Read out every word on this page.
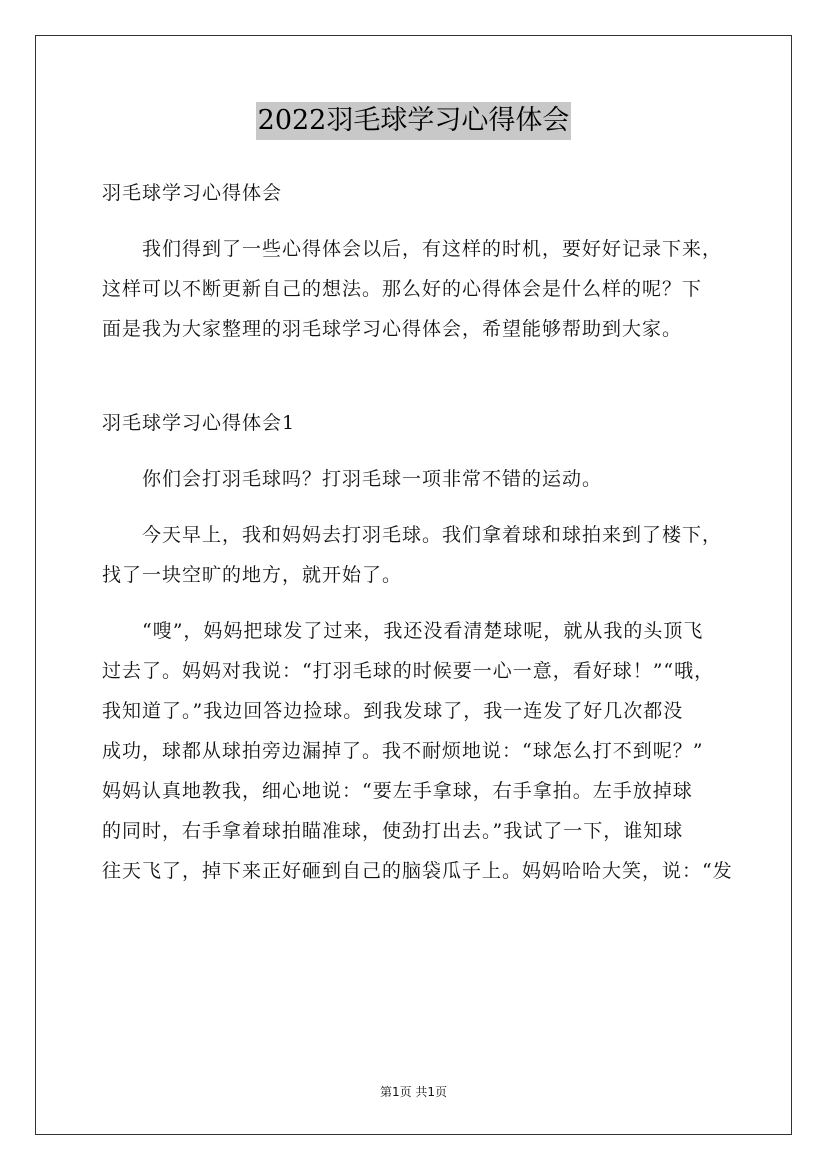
2022羽毛球学习心得体会
羽毛球学习心得体会
　　我们得到了一些心得体会以后，有这样的时机，要好好记录下来，
这样可以不断更新自己的想法。那么好的心得体会是什么样的呢？下
面是我为大家整理的羽毛球学习心得体会，希望能够帮助到大家。
羽毛球学习心得体会1
　　你们会打羽毛球吗？打羽毛球一项非常不错的运动。
　　今天早上，我和妈妈去打羽毛球。我们拿着球和球拍来到了楼下，
找了一块空旷的地方，就开始了。
　　“嗖”，妈妈把球发了过来，我还没看清楚球呢，就从我的头顶飞
过去了。妈妈对我说：“打羽毛球的时候要一心一意，看好球！”“哦，
我知道了。”我边回答边捡球。到我发球了，我一连发了好几次都没
成功，球都从球拍旁边漏掉了。我不耐烦地说：“球怎么打不到呢？”
妈妈认真地教我，细心地说：“要左手拿球，右手拿拍。左手放掉球
的同时，右手拿着球拍瞄准球，使劲打出去。”我试了一下，谁知球
往天飞了，掉下来正好砸到自己的脑袋瓜子上。妈妈哈哈大笑，说：“发
第1页 共1页
